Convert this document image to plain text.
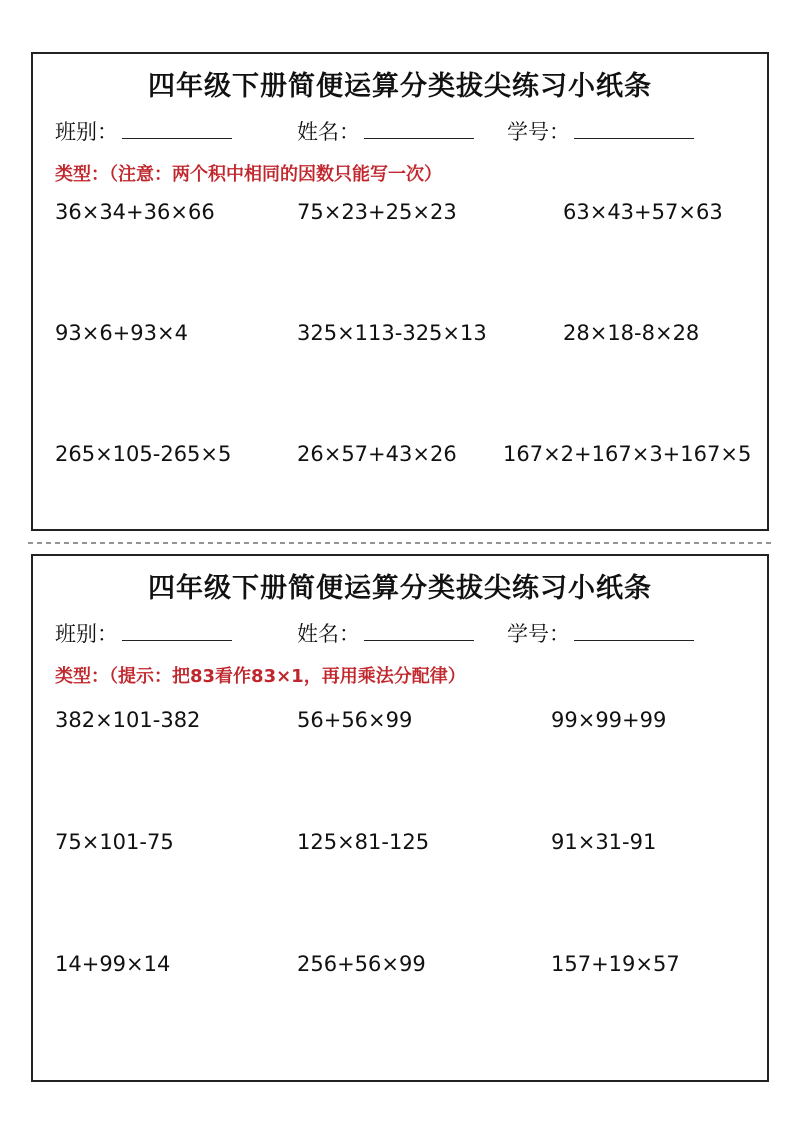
四年级下册简便运算分类拔尖练习小纸条
班别：	姓名：	学号：
类型：（注意：两个积中相同的因数只能写一次）
36×34+36×66	75×23+25×23	63×43+57×63
93×6+93×4	325×113-325×13	28×18-8×28
265×105-265×5	26×57+43×26 167×2+167×3+167×5
四年级下册简便运算分类拔尖练习小纸条
班别：	姓名：	学号：
类型：（提示：把83看作83×1，再用乘法分配律）
382×101-382	56+56×99	99×99+99
75×101-75	125×81-125	91×31-91
14+99×14	256+56×99	157+19×57
